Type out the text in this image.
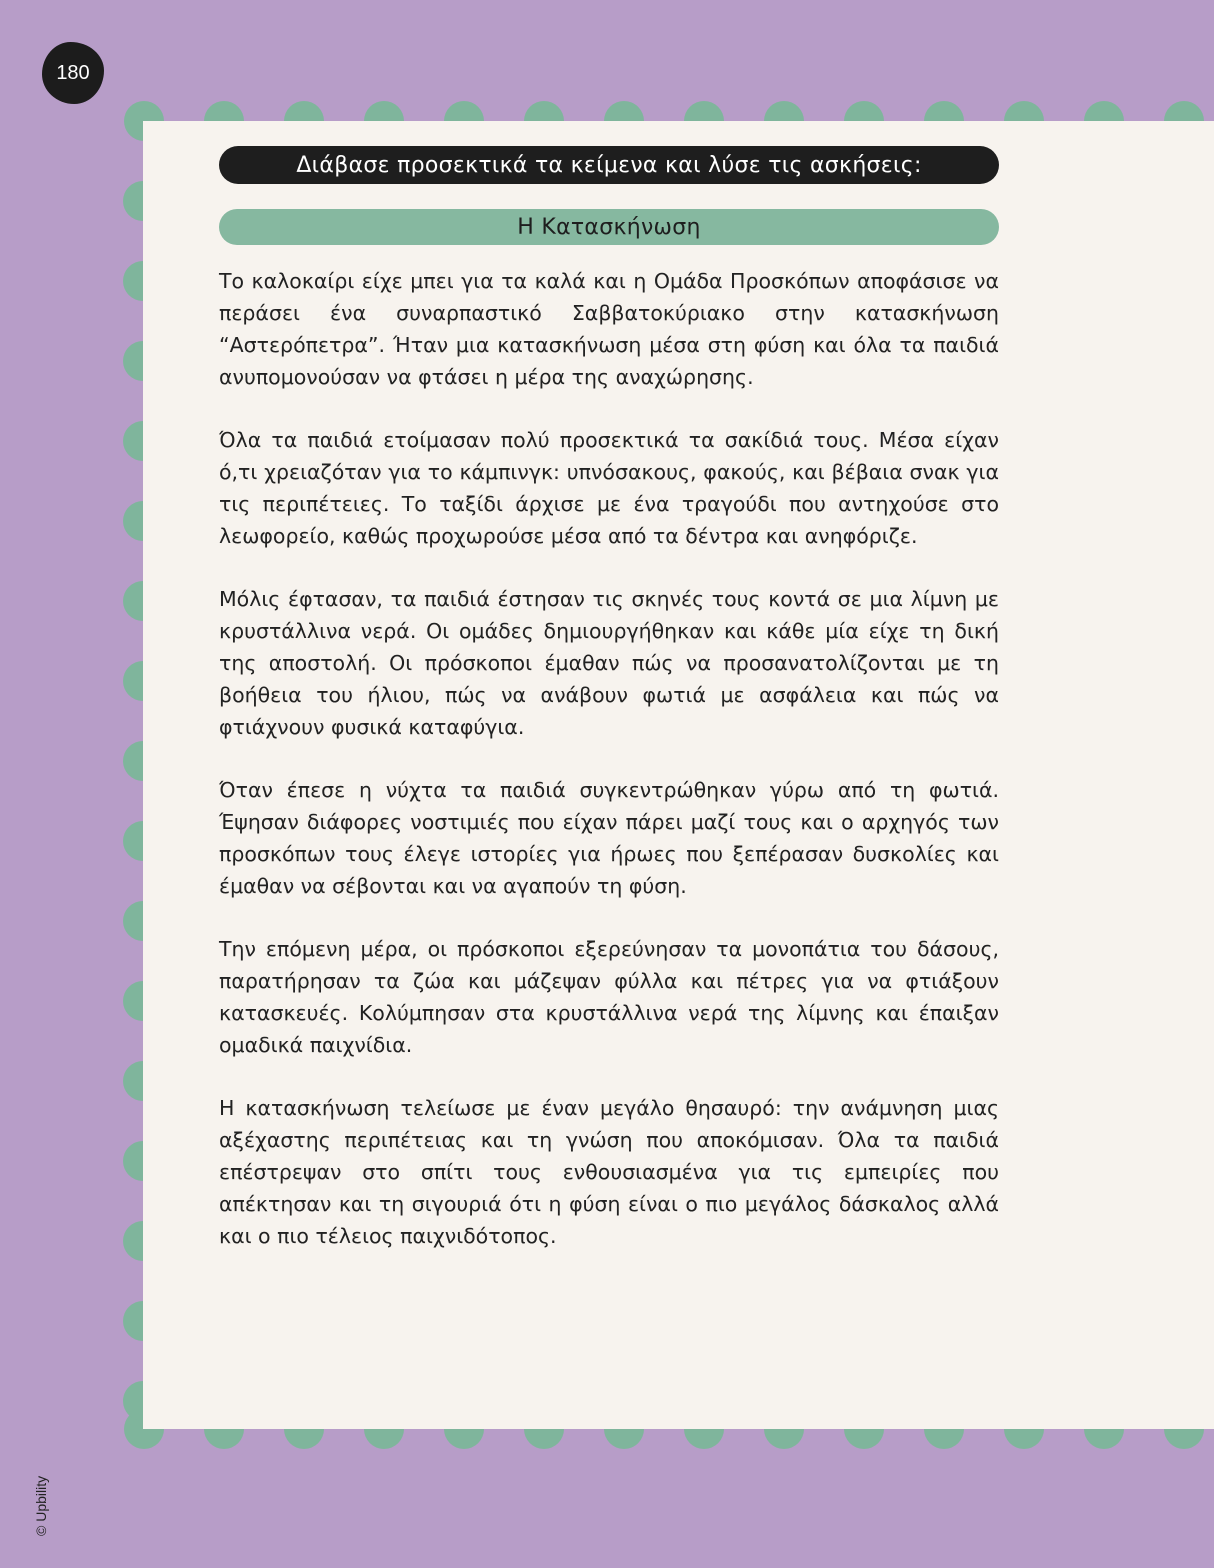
180
Διάβασε προσεκτικά τα κείμενα και λύσε τις ασκήσεις:
Η Κατασκήνωση

Το καλοκαίρι είχε μπει για τα καλά και η Ομάδα Προσκόπων αποφάσισε να περάσει ένα συναρπαστικό Σαββατοκύριακο στην κατασκήνωση “Αστερόπετρα”. Ήταν μια κατασκήνωση μέσα στη φύση και όλα τα παιδιά ανυπομονούσαν να φτάσει η μέρα της αναχώρησης.

Όλα τα παιδιά ετοίμασαν πολύ προσεκτικά τα σακίδιά τους. Μέσα είχαν ό,τι χρειαζόταν για το κάμπινγκ: υπνόσακους, φακούς, και βέβαια σνακ για τις περιπέτειες. Το ταξίδι άρχισε με ένα τραγούδι που αντηχούσε στο λεωφορείο, καθώς προχωρούσε μέσα από τα δέντρα και ανηφόριζε.

Μόλις έφτασαν, τα παιδιά έστησαν τις σκηνές τους κοντά σε μια λίμνη με κρυστάλλινα νερά. Οι ομάδες δημιουργήθηκαν και κάθε μία είχε τη δική της αποστολή. Οι πρόσκοποι έμαθαν πώς να προσανατολίζονται με τη βοήθεια του ήλιου, πώς να ανάβουν φωτιά με ασφάλεια και πώς να φτιάχνουν φυσικά καταφύγια.

Όταν έπεσε η νύχτα τα παιδιά συγκεντρώθηκαν γύρω από τη φωτιά. Έψησαν διάφορες νοστιμιές που είχαν πάρει μαζί τους και ο αρχηγός των προσκόπων τους έλεγε ιστορίες για ήρωες που ξεπέρασαν δυσκολίες και έμαθαν να σέβονται και να αγαπούν τη φύση.

Την επόμενη μέρα, οι πρόσκοποι εξερεύνησαν τα μονοπάτια του δάσους, παρατήρησαν τα ζώα και μάζεψαν φύλλα και πέτρες για να φτιάξουν κατασκευές. Κολύμπησαν στα κρυστάλλινα νερά της λίμνης και έπαιξαν ομαδικά παιχνίδια.

Η κατασκήνωση τελείωσε με έναν μεγάλο θησαυρό: την ανάμνηση μιας αξέχαστης περιπέτειας και τη γνώση που αποκόμισαν. Όλα τα παιδιά επέστρεψαν στο σπίτι τους ενθουσιασμένα για τις εμπειρίες που απέκτησαν και τη σιγουριά ότι η φύση είναι ο πιο μεγάλος δάσκαλος αλλά και ο πιο τέλειος παιχνιδότοπος.

© Upbility
